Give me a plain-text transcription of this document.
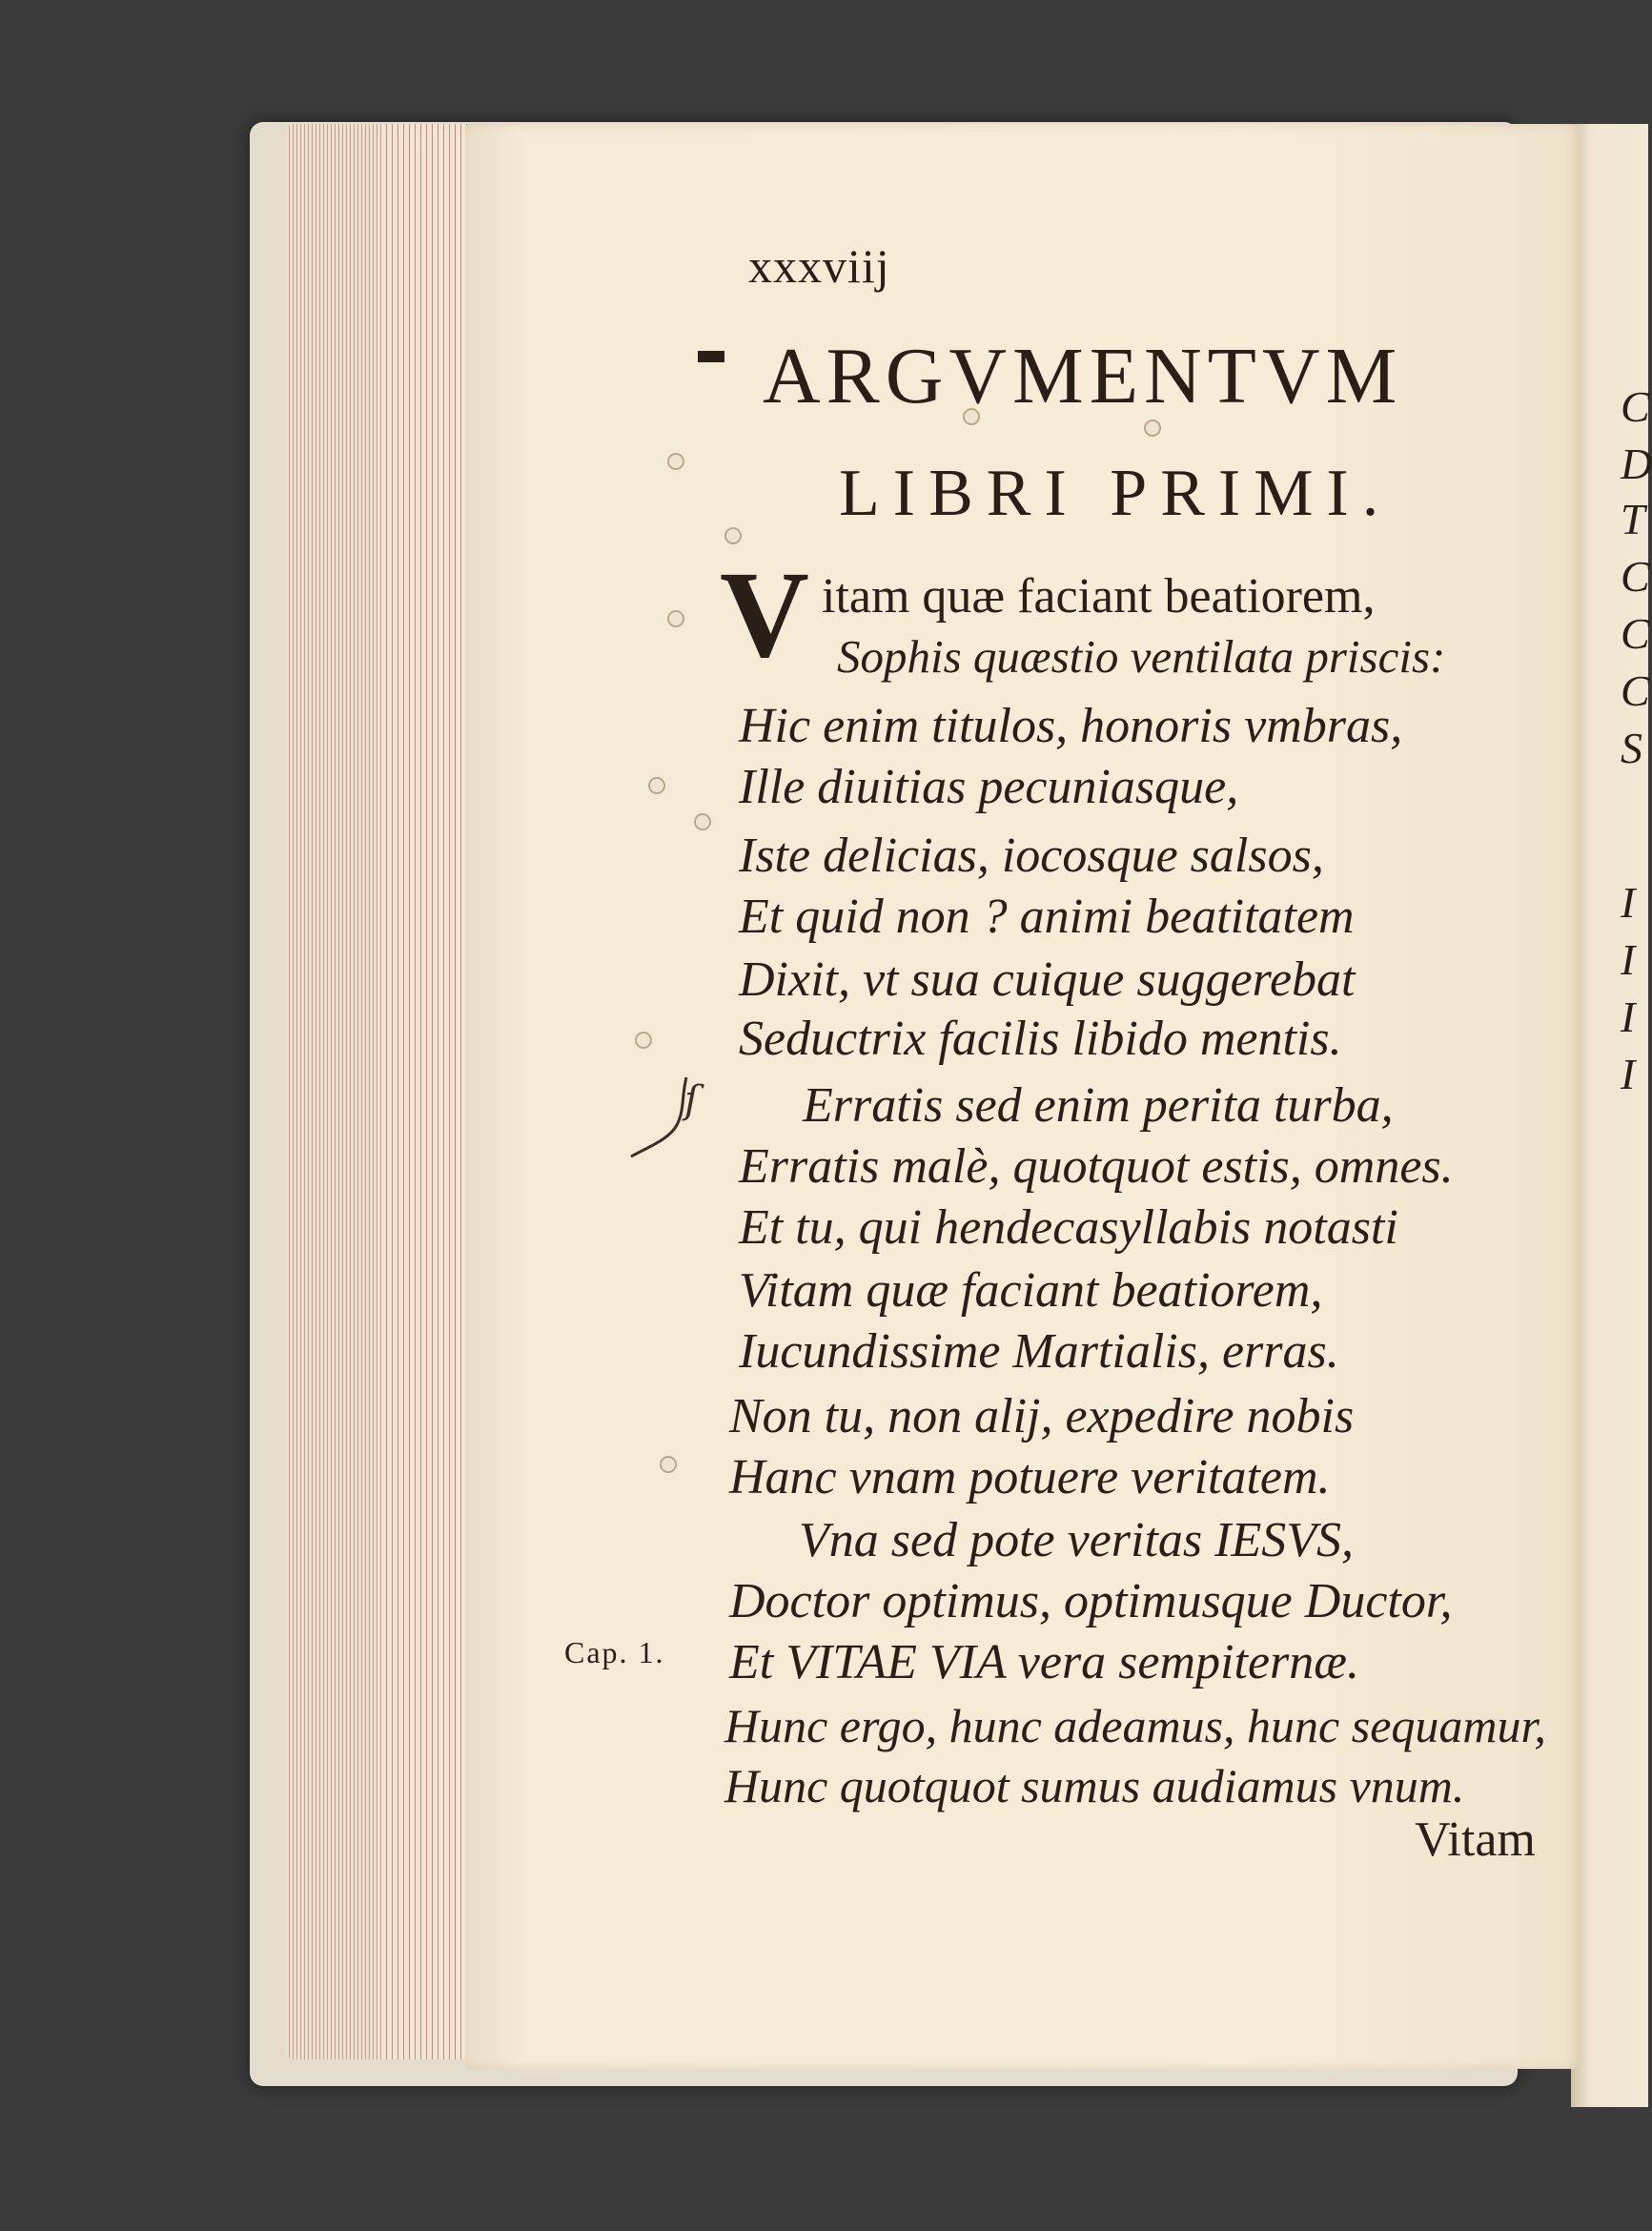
C
D
T
C
C
C
S
I
I
I
I
xxxviij
ARGVMENTVM
LIBRI PRIMI.
V itam quæ faciant beatiorem,
Sophis quæstio ventilata priscis:
Hic enim titulos, honoris vmbras,
Ille diuitias pecuniasque,
Iste delicias, iocosque salsos,
Et quid non ? animi beatitatem
Dixit, vt sua cuique suggerebat
Seductrix facilis libido mentis.
Erratis sed enim perita turba,
Erratis malè, quotquot estis, omnes.
Et tu, qui hendecasyllabis notasti
Vitam quæ faciant beatiorem,
Iucundissime Martialis, erras.
Non tu, non alij, expedire nobis
Hanc vnam potuere veritatem.
Vna sed pote veritas IESVS,
Doctor optimus, optimusque Ductor,
Et VITAE VIA vera sempiternæ.
Hunc ergo, hunc adeamus, hunc sequamur,
Hunc quotquot sumus audiamus vnum.
Cap. 1.
ſ
Vitam
